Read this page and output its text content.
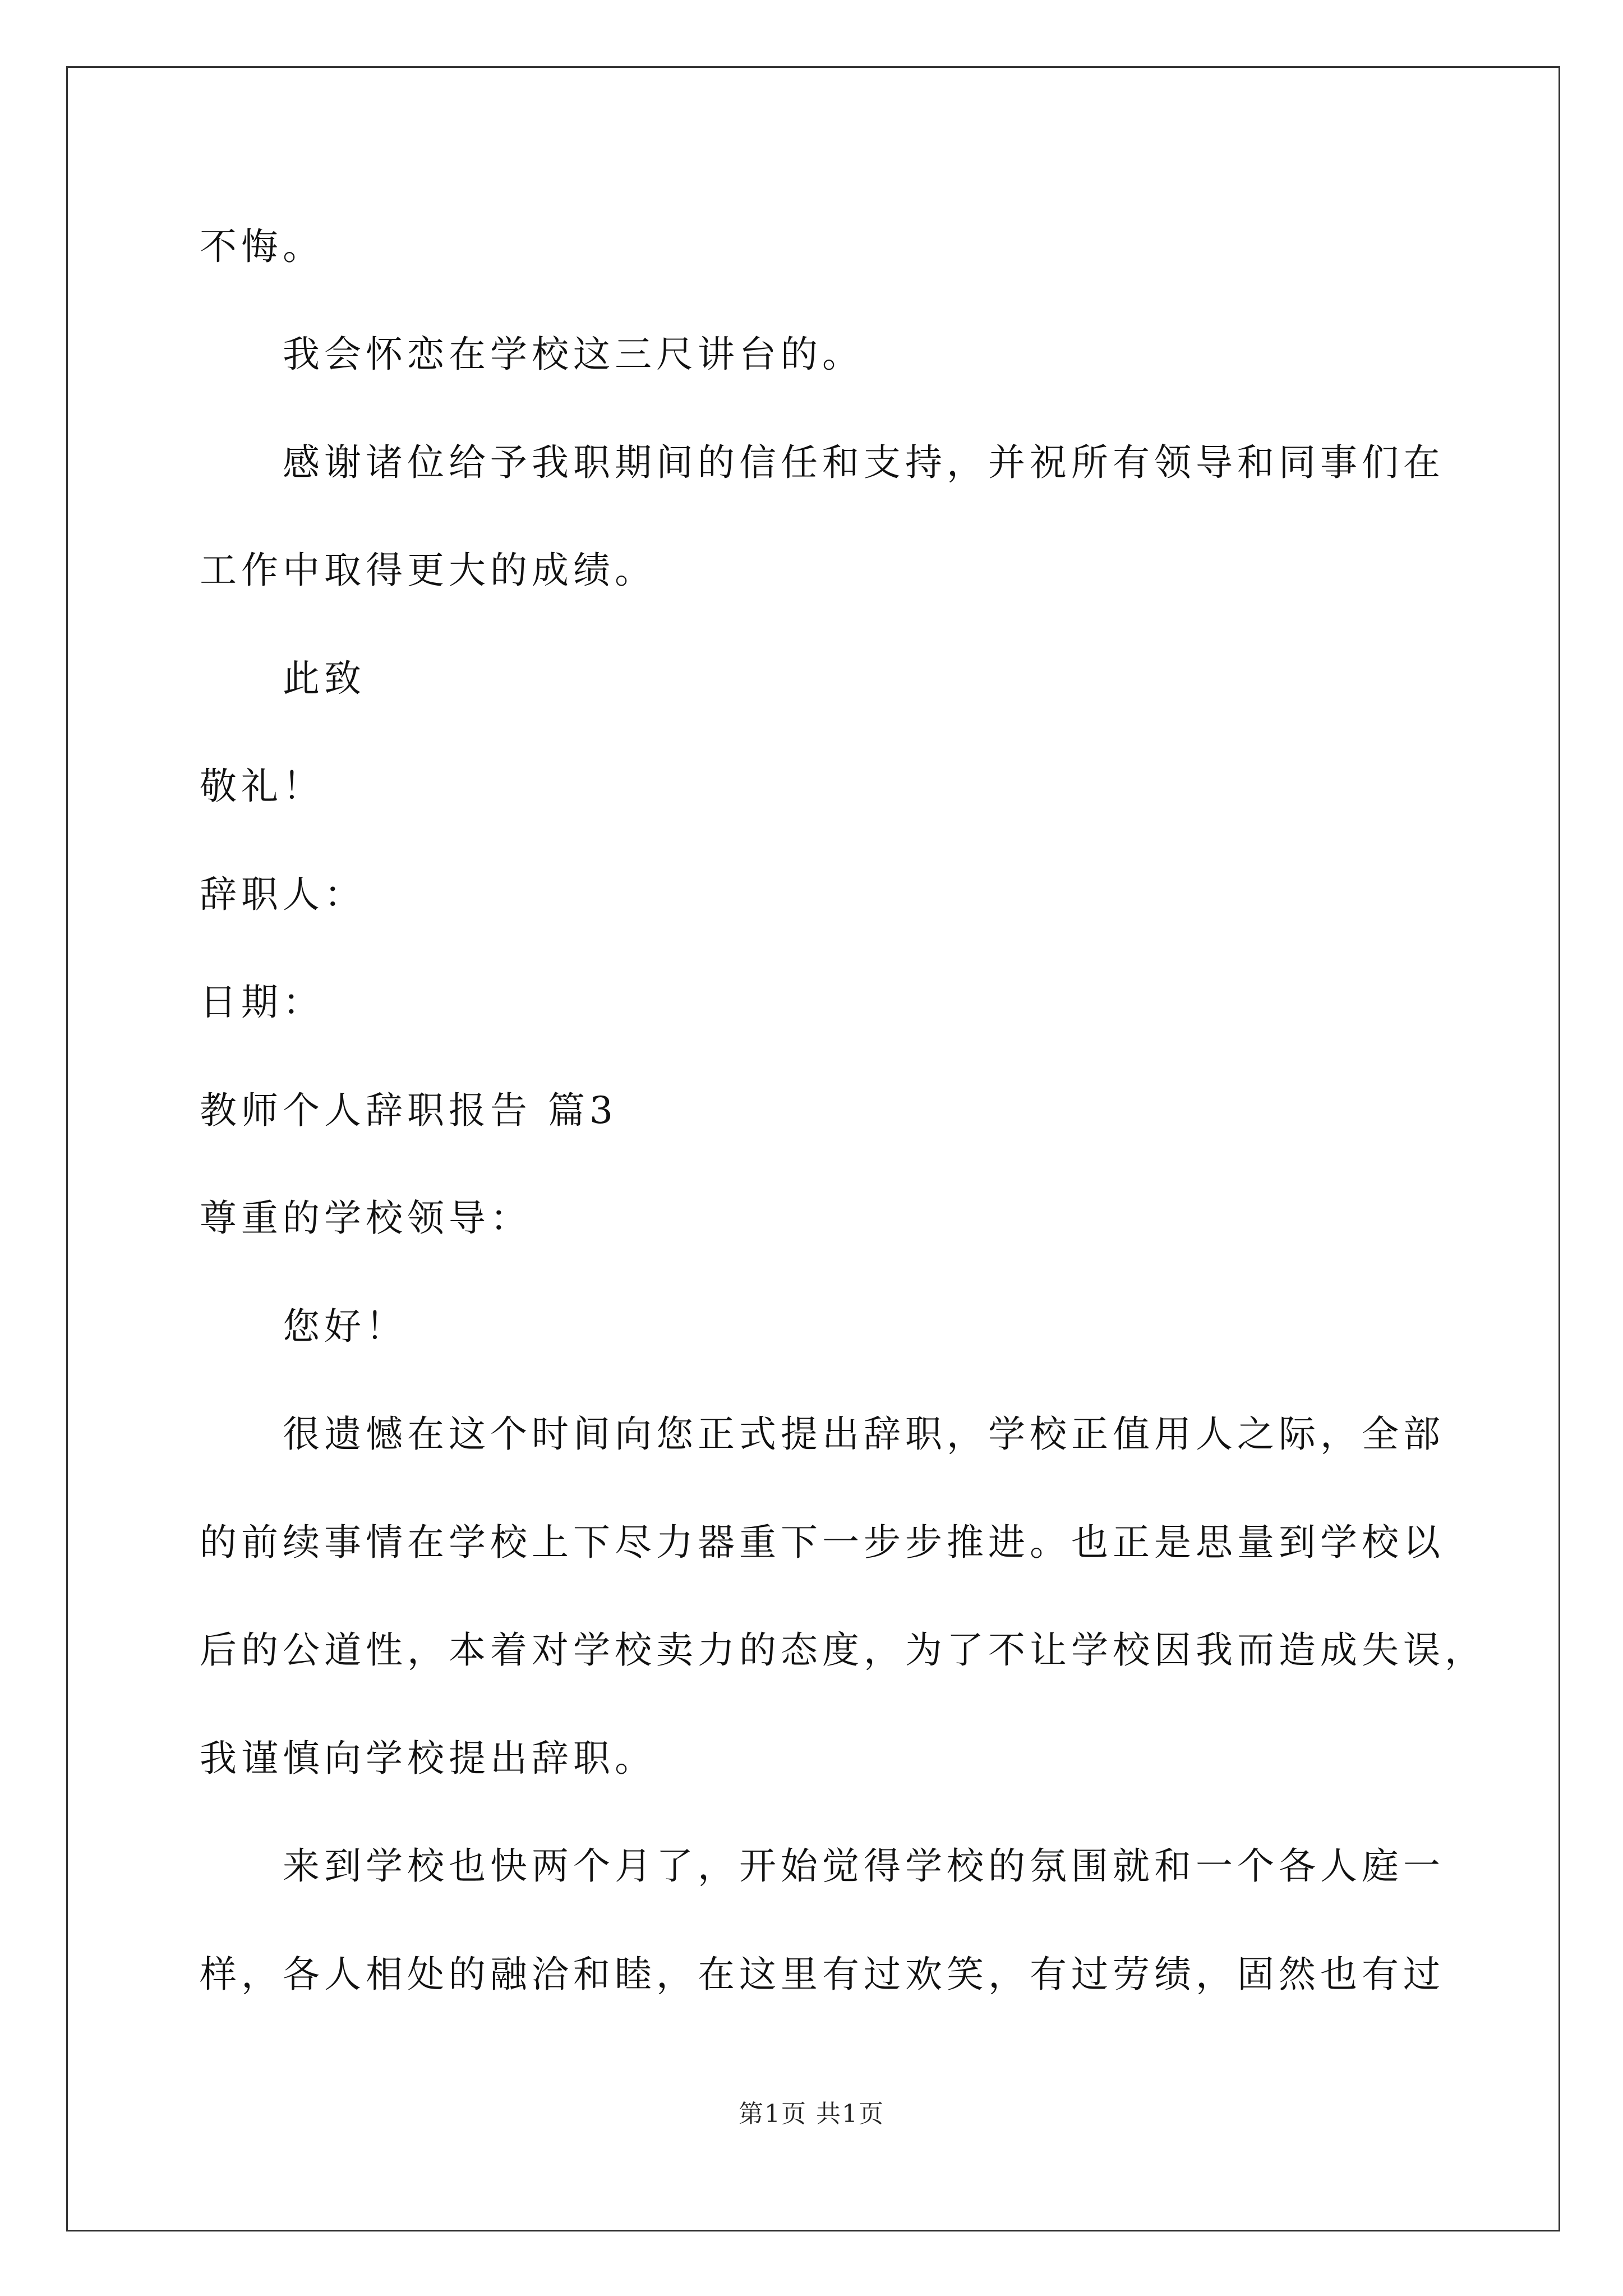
不悔。
我会怀恋在学校这三尺讲台的。
感谢诸位给予我职期间的信任和支持，并祝所有领导和同事们在
工作中取得更大的成绩。
此致
敬礼！
辞职人：
日期：
教师个人辞职报告 篇3
尊重的学校领导：
您好！
很遗憾在这个时间向您正式提出辞职，学校正值用人之际，全部
的前续事情在学校上下尽力器重下一步步推进。也正是思量到学校以
后的公道性，本着对学校卖力的态度，为了不让学校因我而造成失误，
我谨慎向学校提出辞职。
来到学校也快两个月了，开始觉得学校的氛围就和一个各人庭一
样，各人相处的融洽和睦，在这里有过欢笑，有过劳绩，固然也有过
第1页 共1页
